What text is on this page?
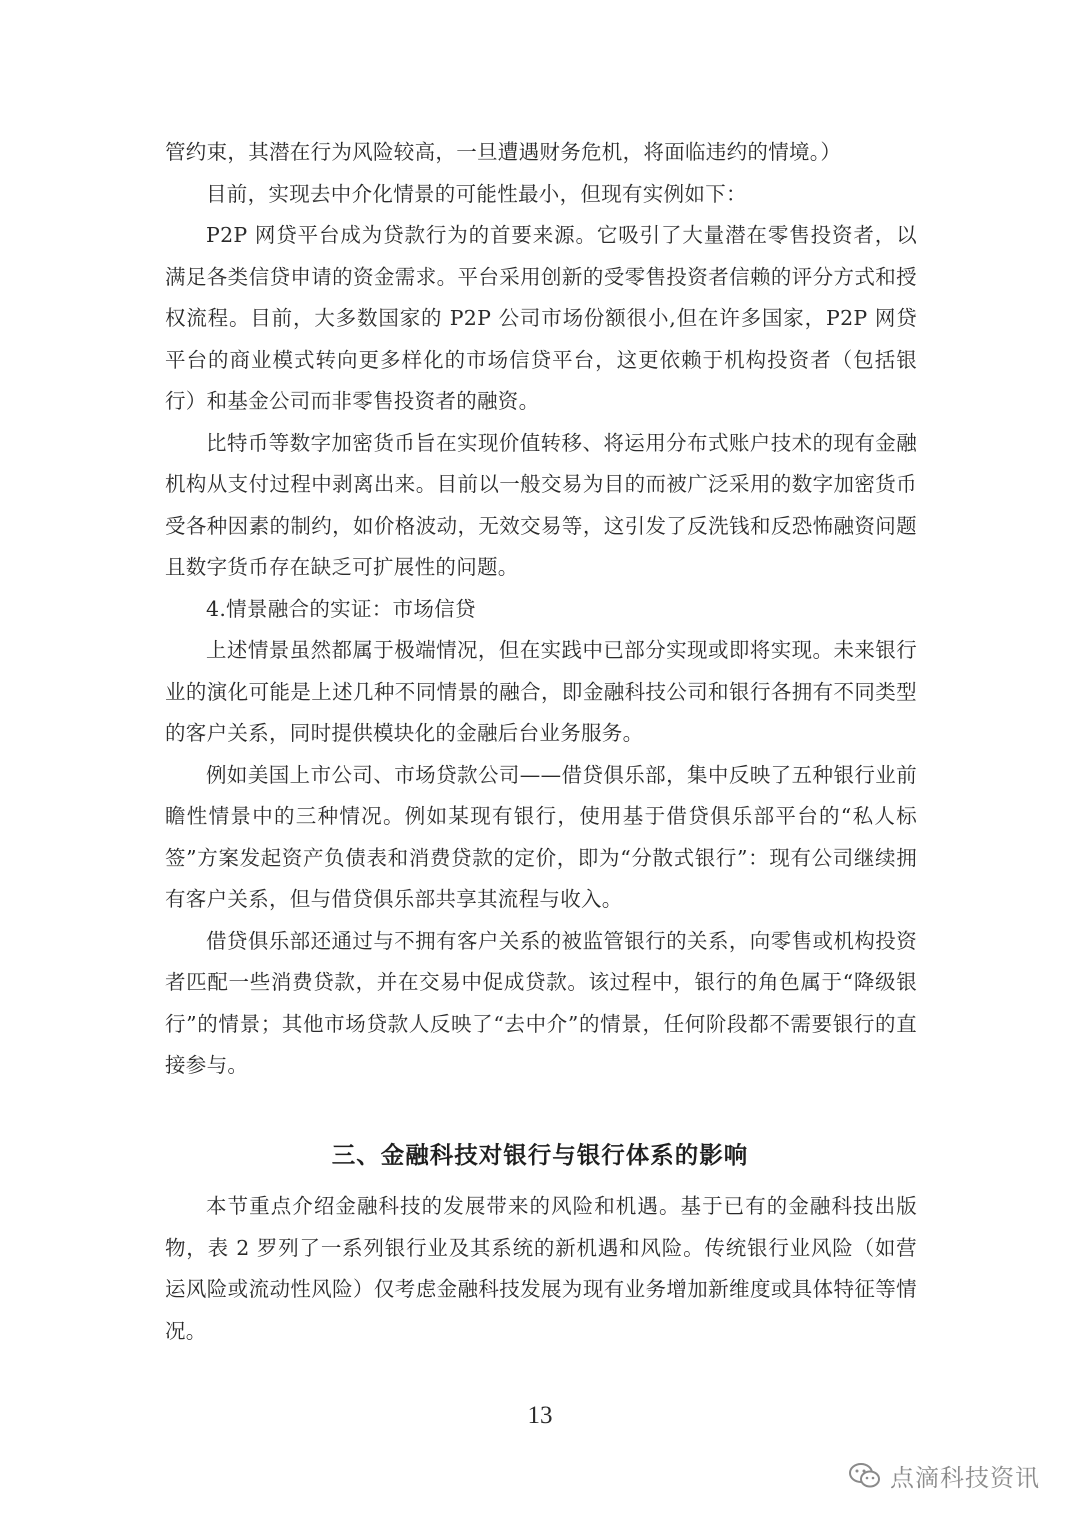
管约束，其潜在行为风险较高，一旦遭遇财务危机，将面临违约的情境。）

目前，实现去中介化情景的可能性最小，但现有实例如下：

P2P 网贷平台成为贷款行为的首要来源。它吸引了大量潜在零售投资者，以满足各类信贷申请的资金需求。平台采用创新的受零售投资者信赖的评分方式和授权流程。目前，大多数国家的 P2P 公司市场份额很小,但在许多国家，P2P 网贷平台的商业模式转向更多样化的市场信贷平台，这更依赖于机构投资者（包括银行）和基金公司而非零售投资者的融资。

比特币等数字加密货币旨在实现价值转移、将运用分布式账户技术的现有金融机构从支付过程中剥离出来。目前以一般交易为目的而被广泛采用的数字加密货币受各种因素的制约，如价格波动，无效交易等，这引发了反洗钱和反恐怖融资问题且数字货币存在缺乏可扩展性的问题。

4.情景融合的实证：市场信贷

上述情景虽然都属于极端情况，但在实践中已部分实现或即将实现。未来银行业的演化可能是上述几种不同情景的融合，即金融科技公司和银行各拥有不同类型的客户关系，同时提供模块化的金融后台业务服务。

例如美国上市公司、市场贷款公司——借贷俱乐部，集中反映了五种银行业前瞻性情景中的三种情况。例如某现有银行，使用基于借贷俱乐部平台的“私人标签”方案发起资产负债表和消费贷款的定价，即为“分散式银行”：现有公司继续拥有客户关系，但与借贷俱乐部共享其流程与收入。

借贷俱乐部还通过与不拥有客户关系的被监管银行的关系，向零售或机构投资者匹配一些消费贷款，并在交易中促成贷款。该过程中，银行的角色属于“降级银行”的情景；其他市场贷款人反映了“去中介”的情景，任何阶段都不需要银行的直接参与。

三、金融科技对银行与银行体系的影响

本节重点介绍金融科技的发展带来的风险和机遇。基于已有的金融科技出版物，表 2 罗列了一系列银行业及其系统的新机遇和风险。传统银行业风险（如营运风险或流动性风险）仅考虑金融科技发展为现有业务增加新维度或具体特征等情况。

13
点滴科技资讯
